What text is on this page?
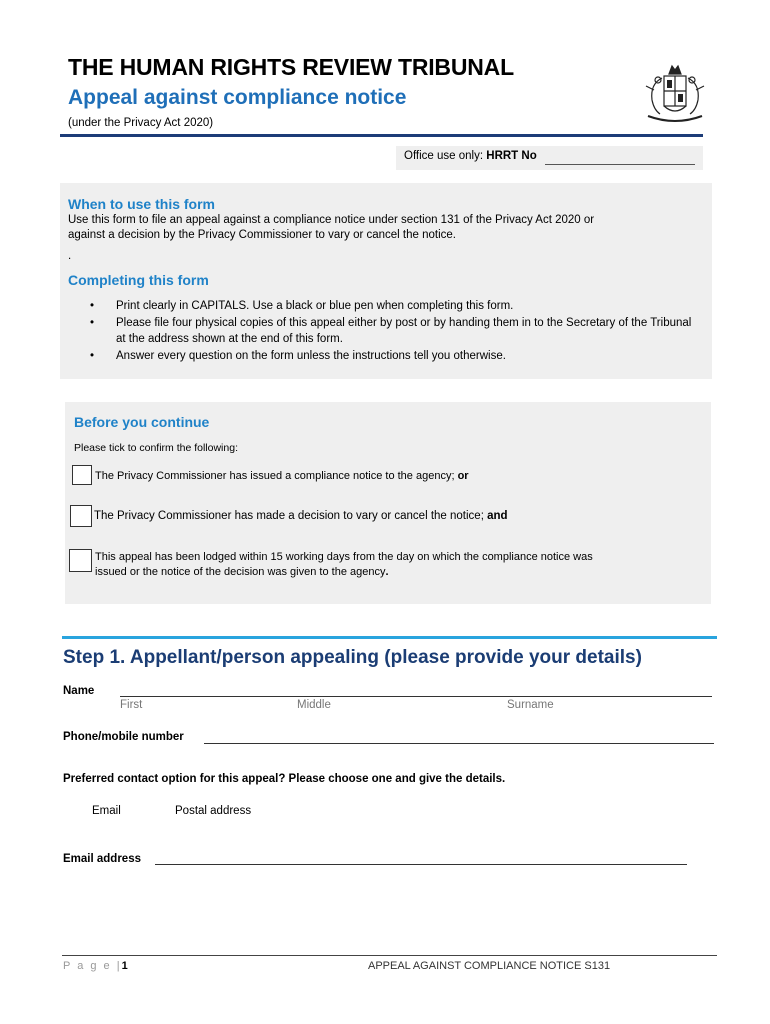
THE HUMAN RIGHTS REVIEW TRIBUNAL
Appeal against compliance notice
(under the Privacy Act 2020)
Office use only: HRRT No
When to use this form
Use this form to file an appeal against a compliance notice under section 131 of the Privacy Act 2020 or
against a decision by the Privacy Commissioner to vary or cancel the notice.
.
Completing this form
• Print clearly in CAPITALS. Use a black or blue pen when completing this form.
• Please file four physical copies of this appeal either by post or by handing them in to the Secretary of the Tribunal at the address shown at the end of this form.
• Answer every question on the form unless the instructions tell you otherwise.
Before you continue
Please tick to confirm the following:
The Privacy Commissioner has issued a compliance notice to the agency; or
The Privacy Commissioner has made a decision to vary or cancel the notice; and
This appeal has been lodged within 15 working days from the day on which the compliance notice was
issued or the notice of the decision was given to the agency.
Step 1. Appellant/person appealing (please provide your details)
Name
First	Middle	Surname
Phone/mobile number
Preferred contact option for this appeal? Please choose one and give the details.
Email	Postal address
Email address
P a g e |1	APPEAL AGAINST COMPLIANCE NOTICE S131
